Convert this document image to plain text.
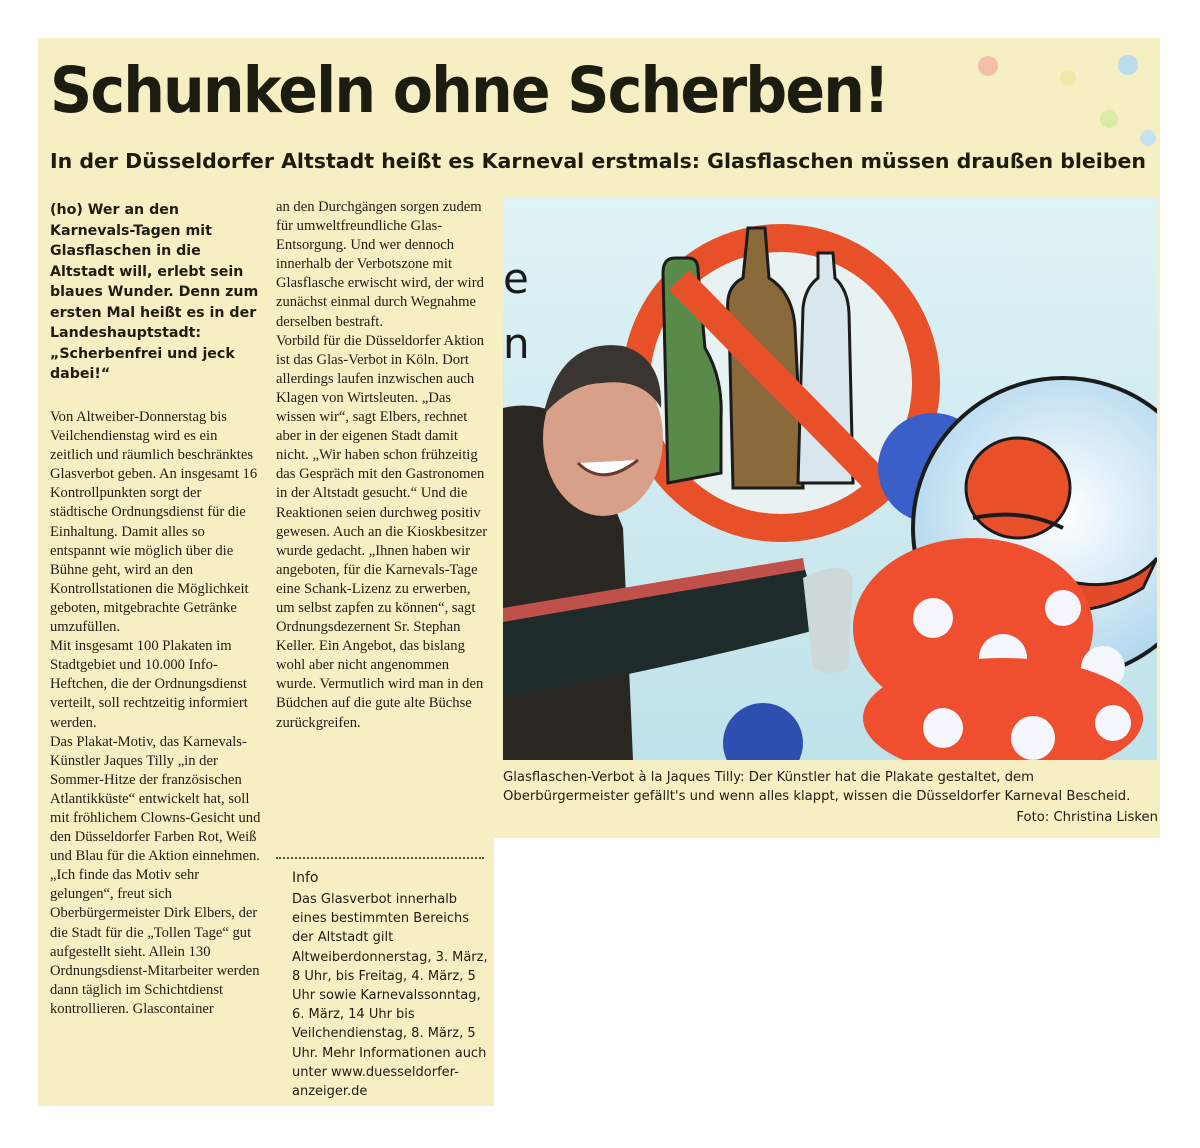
Schunkeln ohne Scherben!
In der Düsseldorfer Altstadt heißt es Karneval erstmals: Glasflaschen müssen draußen bleiben

(ho) Wer an den Karnevals-Tagen mit Glasflaschen in die Altstadt will, erlebt sein blaues Wunder. Denn zum ersten Mal heißt es in der Landeshauptstadt: „Scherbenfrei und jeck dabei!“

Von Altweiber-Donnerstag bis Veilchendienstag wird es ein zeitlich und räumlich beschränktes Glasverbot geben. An insgesamt 16 Kontrollpunkten sorgt der städtische Ordnungsdienst für die Einhaltung. Damit alles so entspannt wie möglich über die Bühne geht, wird an den Kontrollstationen die Möglichkeit geboten, mitgebrachte Getränke umzufüllen.

Mit insgesamt 100 Plakaten im Stadtgebiet und 10.000 Info-Heftchen, die der Ordnungsdienst verteilt, soll rechtzeitig informiert werden.

Das Plakat-Motiv, das Karnevals-Künstler Jaques Tilly „in der Sommer-Hitze der französischen Atlantikküste“ entwickelt hat, soll mit fröhlichem Clowns-Gesicht und den Düsseldorfer Farben Rot, Weiß und Blau für die Aktion einnehmen. „Ich finde das Motiv sehr gelungen“, freut sich Oberbürgermeister Dirk Elbers, der die Stadt für die „Tollen Tage“ gut aufgestellt sieht. Allein 130 Ordnungsdienst-Mitarbeiter werden dann täglich im Schichtdienst kontrollieren. Glascontainer

an den Durchgängen sorgen zudem für umweltfreundliche Glas-Entsorgung. Und wer dennoch innerhalb der Verbotszone mit Glasflasche erwischt wird, der wird zunächst einmal durch Wegnahme derselben bestraft.

Vorbild für die Düsseldorfer Aktion ist das Glas-Verbot in Köln. Dort allerdings laufen inzwischen auch Klagen von Wirtsleuten. „Das wissen wir“, sagt Elbers, rechnet aber in der eigenen Stadt damit nicht. „Wir haben schon frühzeitig das Gespräch mit den Gastronomen in der Altstadt gesucht.“ Und die Reaktionen seien durchweg positiv gewesen. Auch an die Kioskbesitzer wurde gedacht. „Ihnen haben wir angeboten, für die Karnevals-Tage eine Schank-Lizenz zu erwerben, um selbst zapfen zu können“, sagt Ordnungsdezernent Sr. Stephan Keller. Ein Angebot, das bislang wohl aber nicht angenommen wurde. Vermutlich wird man in den Büdchen auf die gute alte Büchse zurückgreifen.

Info

Das Glasverbot innerhalb eines bestimmten Bereichs der Altstadt gilt Altweiberdonnerstag, 3. März, 8 Uhr, bis Freitag, 4. März, 5 Uhr sowie Karnevalssonntag, 6. März, 14 Uhr bis Veilchendienstag, 8. März, 5 Uhr. Mehr Informationen auch unter www.duesseldorfer-anzeiger.de

e
n

Glasflaschen-Verbot à la Jaques Tilly: Der Künstler hat die Plakate gestaltet, dem Oberbürgermeister gefällt's und wenn alles klappt, wissen die Düsseldorfer Karneval Bescheid.

Foto: Christina Lisken
